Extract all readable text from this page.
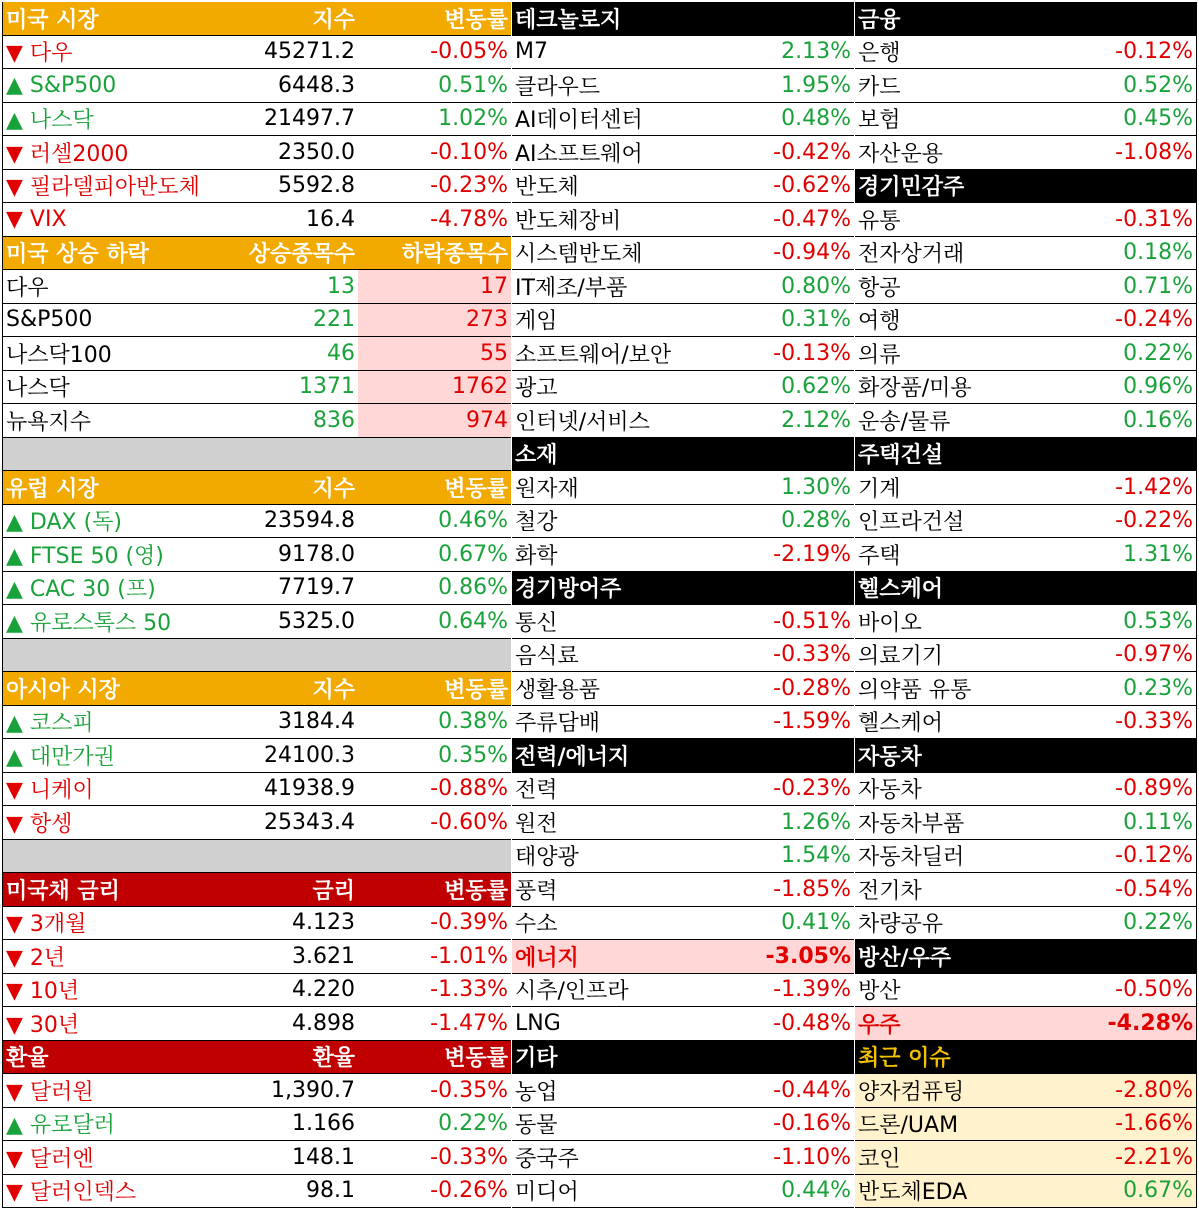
미국 시장	지수	변동률
▼ 다우	45271.2	-0.05%
▲ S&P500	6448.3	0.51%
▲ 나스닥	21497.7	1.02%
▼ 러셀2000	2350.0	-0.10%
▼ 필라델피아반도체	5592.8	-0.23%
▼ VIX	16.4	-4.78%
미국 상승 하락	상승종목수	하락종목수
다우	13	17
S&P500	221	273
나스닥100	46	55
나스닥	1371	1762
뉴욕지수	836	974
유럽 시장	지수	변동률
▲ DAX (독)	23594.8	0.46%
▲ FTSE 50 (영)	9178.0	0.67%
▲ CAC 30 (프)	7719.7	0.86%
▲ 유로스톡스 50	5325.0	0.64%
아시아 시장	지수	변동률
▲ 코스피	3184.4	0.38%
▲ 대만가권	24100.3	0.35%
▼ 니케이	41938.9	-0.88%
▼ 항셍	25343.4	-0.60%
미국채 금리	금리	변동률
▼ 3개월	4.123	-0.39%
▼ 2년	3.621	-1.01%
▼ 10년	4.220	-1.33%
▼ 30년	4.898	-1.47%
환율	환율	변동률
▼ 달러원	1,390.7	-0.35%
▲ 유로달러	1.166	0.22%
▼ 달러엔	148.1	-0.33%
▼ 달러인덱스	98.1	-0.26%
테크놀로지
M7	2.13%
클라우드	1.95%
AI데이터센터	0.48%
AI소프트웨어	-0.42%
반도체	-0.62%
반도체장비	-0.47%
시스템반도체	-0.94%
IT제조/부품	0.80%
게임	0.31%
소프트웨어/보안	-0.13%
광고	0.62%
인터넷/서비스	2.12%
소재
원자재	1.30%
철강	0.28%
화학	-2.19%
경기방어주
통신	-0.51%
음식료	-0.33%
생활용품	-0.28%
주류담배	-1.59%
전력/에너지
전력	-0.23%
원전	1.26%
태양광	1.54%
풍력	-1.85%
수소	0.41%
에너지	-3.05%
시추/인프라	-1.39%
LNG	-0.48%
기타
농업	-0.44%
동물	-0.16%
중국주	-1.10%
미디어	0.44%
금융
은행	-0.12%
카드	0.52%
보험	0.45%
자산운용	-1.08%
경기민감주
유통	-0.31%
전자상거래	0.18%
항공	0.71%
여행	-0.24%
의류	0.22%
화장품/미용	0.96%
운송/물류	0.16%
주택건설
기계	-1.42%
인프라건설	-0.22%
주택	1.31%
헬스케어
바이오	0.53%
의료기기	-0.97%
의약품 유통	0.23%
헬스케어	-0.33%
자동차
자동차	-0.89%
자동차부품	0.11%
자동차딜러	-0.12%
전기차	-0.54%
차량공유	0.22%
방산/우주
방산	-0.50%
우주	-4.28%
최근 이슈
양자컴퓨팅	-2.80%
드론/UAM	-1.66%
코인	-2.21%
반도체EDA	0.67%
